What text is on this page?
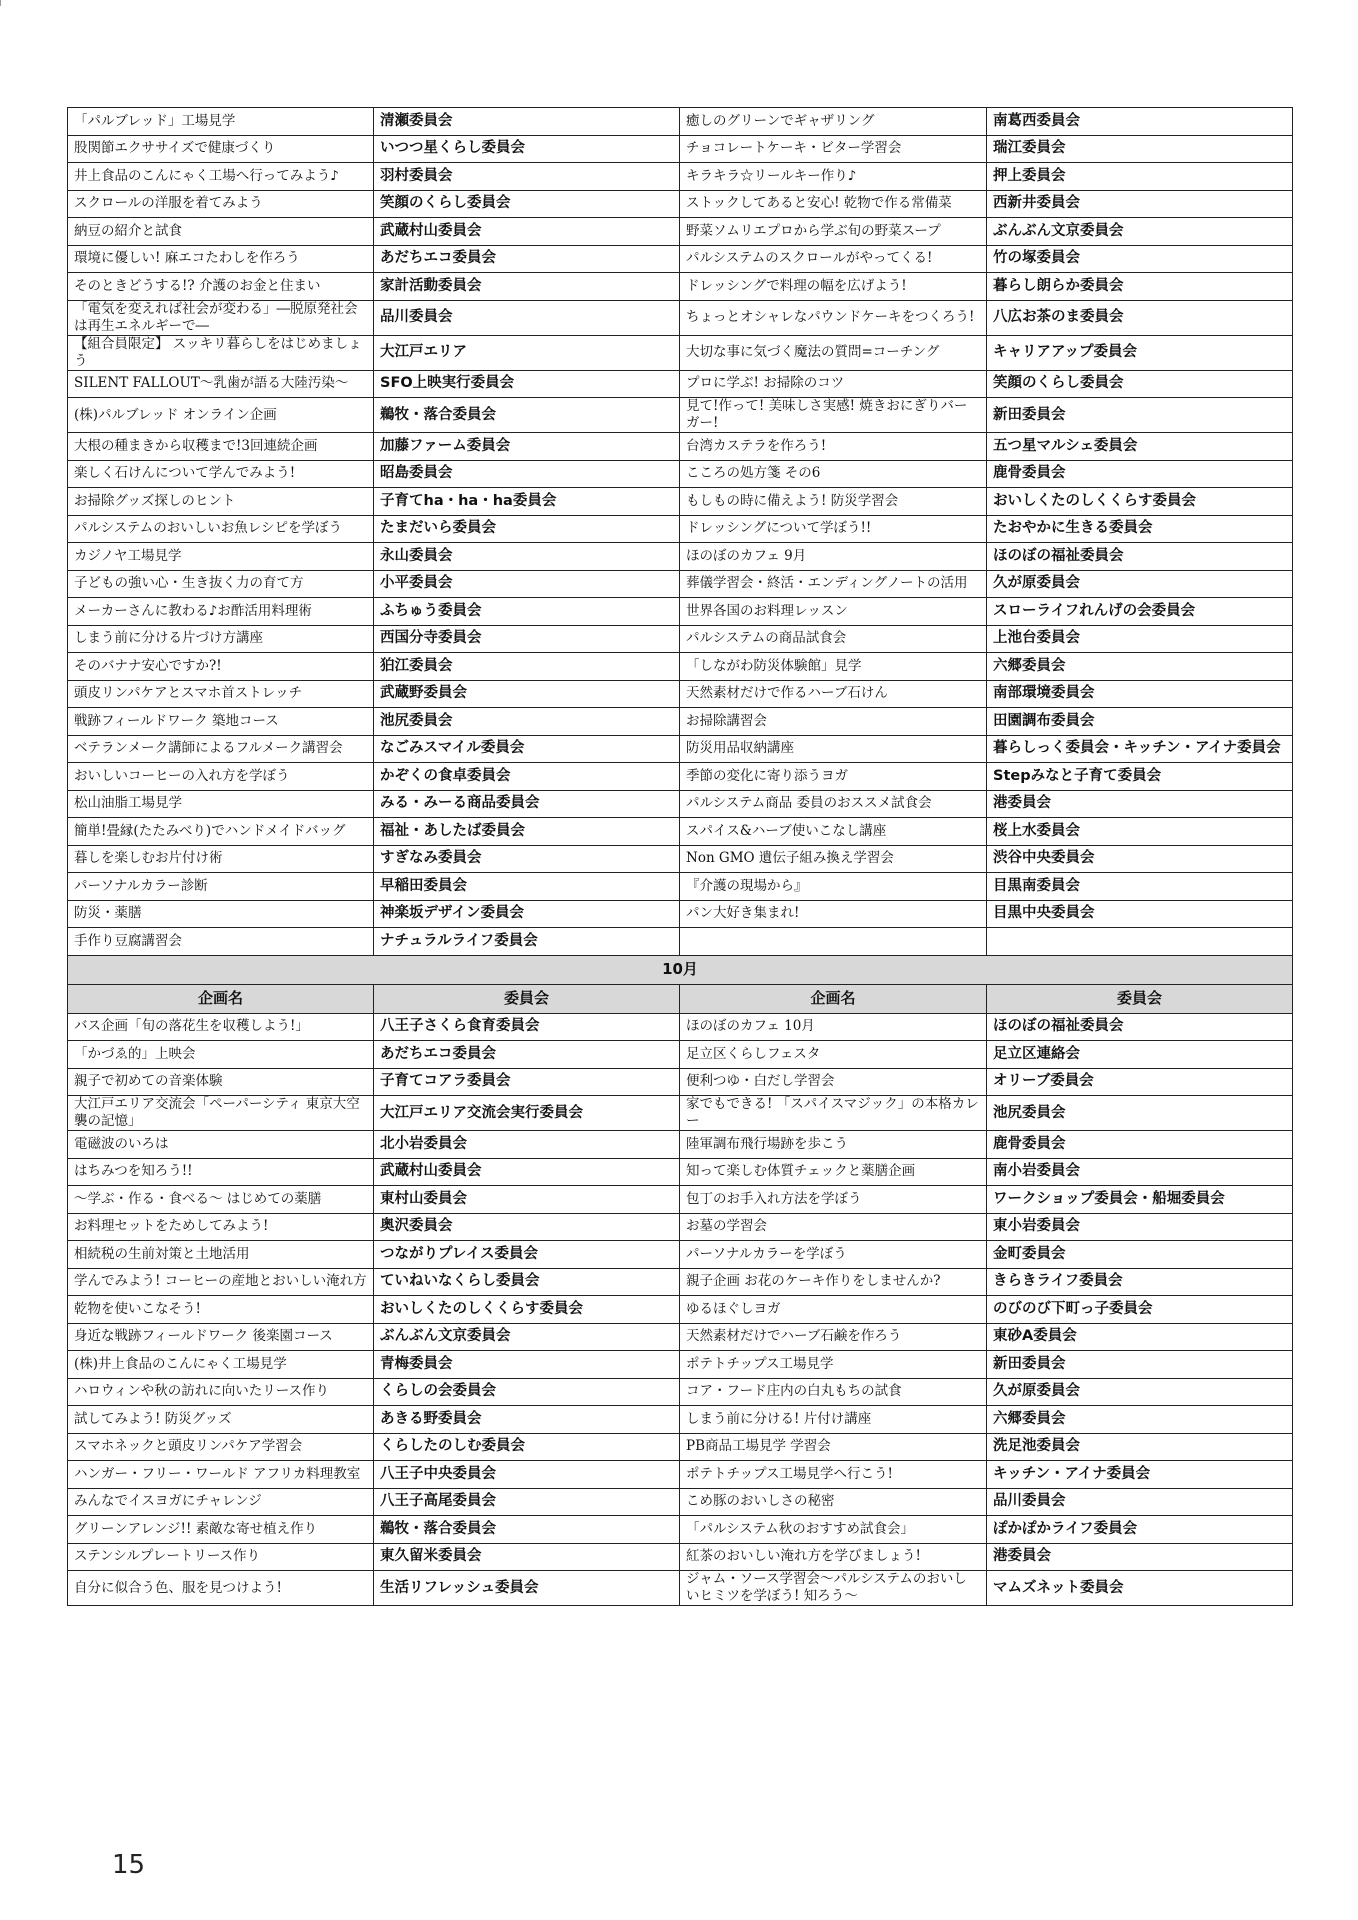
「パルブレッド」工場見学	清瀬委員会	癒しのグリーンでギャザリング	南葛西委員会
股関節エクササイズで健康づくり	いつつ星くらし委員会	チョコレートケーキ・ビター学習会	瑞江委員会
井上食品のこんにゃく工場へ行ってみよう♪	羽村委員会	キラキラ☆リールキー作り♪	押上委員会
スクロールの洋服を着てみよう	笑顔のくらし委員会	ストックしてあると安心! 乾物で作る常備菜	西新井委員会
納豆の紹介と試食	武蔵村山委員会	野菜ソムリエプロから学ぶ旬の野菜スープ	ぶんぶん文京委員会
環境に優しい! 麻エコたわしを作ろう	あだちエコ委員会	パルシステムのスクロールがやってくる!	竹の塚委員会
そのときどうする!? 介護のお金と住まい	家計活動委員会	ドレッシングで料理の幅を広げよう!	暮らし朗らか委員会
「電気を変えれば社会が変わる」―脱原発社会は再生エネルギーで―	品川委員会	ちょっとオシャレなパウンドケーキをつくろう!	八広お茶のま委員会
【組合員限定】 スッキリ暮らしをはじめましょう	大江戸エリア	大切な事に気づく魔法の質問=コーチング	キャリアアップ委員会
SILENT FALLOUT～乳歯が語る大陸汚染～	SFO上映実行委員会	プロに学ぶ! お掃除のコツ	笑顔のくらし委員会
(株)パルブレッド オンライン企画	鵜牧・落合委員会	見て!作って! 美味しさ実感! 焼きおにぎりバーガー!	新田委員会
大根の種まきから収穫まで!3回連続企画	加藤ファーム委員会	台湾カステラを作ろう!	五つ星マルシェ委員会
楽しく石けんについて学んでみよう!	昭島委員会	こころの処方箋 その6	鹿骨委員会
お掃除グッズ探しのヒント	子育てha・ha・ha委員会	もしもの時に備えよう! 防災学習会	おいしくたのしくくらす委員会
パルシステムのおいしいお魚レシピを学ぼう	たまだいら委員会	ドレッシングについて学ぼう!!	たおやかに生きる委員会
カジノヤ工場見学	永山委員会	ほのぼのカフェ 9月	ほのぼの福祉委員会
子どもの強い心・生き抜く力の育て方	小平委員会	葬儀学習会・終活・エンディングノートの活用	久が原委員会
メーカーさんに教わる♪お酢活用料理術	ふちゅう委員会	世界各国のお料理レッスン	スローライフれんげの会委員会
しまう前に分ける片づけ方講座	西国分寺委員会	パルシステムの商品試食会	上池台委員会
そのバナナ安心ですか?!	狛江委員会	「しながわ防災体験館」見学	六郷委員会
頭皮リンパケアとスマホ首ストレッチ	武蔵野委員会	天然素材だけで作るハーブ石けん	南部環境委員会
戦跡フィールドワーク 築地コース	池尻委員会	お掃除講習会	田園調布委員会
ベテランメーク講師によるフルメーク講習会	なごみスマイル委員会	防災用品収納講座	暮らしっく委員会・キッチン・アイナ委員会
おいしいコーヒーの入れ方を学ぼう	かぞくの食卓委員会	季節の変化に寄り添うヨガ	Stepみなと子育て委員会
松山油脂工場見学	みる・みーる商品委員会	パルシステム商品 委員のおススメ試食会	港委員会
簡単!畳縁(たたみべり)でハンドメイドバッグ	福祉・あしたば委員会	スパイス&ハーブ使いこなし講座	桜上水委員会
暮しを楽しむお片付け術	すぎなみ委員会	Non GMO 遺伝子組み換え学習会	渋谷中央委員会
パーソナルカラー診断	早稲田委員会	『介護の現場から』	目黒南委員会
防災・薬膳	神楽坂デザイン委員会	パン大好き集まれ!	目黒中央委員会
手作り豆腐講習会	ナチュラルライフ委員会		
10月			
企画名	委員会	企画名	委員会
バス企画「旬の落花生を収穫しよう!」	八王子さくら食育委員会	ほのぼのカフェ 10月	ほのぼの福祉委員会
「かづゑ的」上映会	あだちエコ委員会	足立区くらしフェスタ	足立区連絡会
親子で初めての音楽体験	子育てコアラ委員会	便利つゆ・白だし学習会	オリーブ委員会
大江戸エリア交流会「ペーパーシティ 東京大空襲の記憶」	大江戸エリア交流会実行委員会	家でもできる! 「スパイスマジック」の本格カレー	池尻委員会
電磁波のいろは	北小岩委員会	陸軍調布飛行場跡を歩こう	鹿骨委員会
はちみつを知ろう!!	武蔵村山委員会	知って楽しむ体質チェックと薬膳企画	南小岩委員会
～学ぶ・作る・食べる～ はじめての薬膳	東村山委員会	包丁のお手入れ方法を学ぼう	ワークショップ委員会・船堀委員会
お料理セットをためしてみよう!	奥沢委員会	お墓の学習会	東小岩委員会
相続税の生前対策と土地活用	つながりプレイス委員会	パーソナルカラーを学ぼう	金町委員会
学んでみよう! コーヒーの産地とおいしい淹れ方	ていねいなくらし委員会	親子企画 お花のケーキ作りをしませんか?	きらきライフ委員会
乾物を使いこなそう!	おいしくたのしくくらす委員会	ゆるほぐしヨガ	のびのび下町っ子委員会
身近な戦跡フィールドワーク 後楽園コース	ぶんぶん文京委員会	天然素材だけでハーブ石鹸を作ろう	東砂A委員会
(株)井上食品のこんにゃく工場見学	青梅委員会	ポテトチップス工場見学	新田委員会
ハロウィンや秋の訪れに向いたリース作り	くらしの会委員会	コア・フード庄内の白丸もちの試食	久が原委員会
試してみよう! 防災グッズ	あきる野委員会	しまう前に分ける! 片付け講座	六郷委員会
スマホネックと頭皮リンパケア学習会	くらしたのしむ委員会	PB商品工場見学 学習会	洗足池委員会
ハンガー・フリー・ワールド アフリカ料理教室	八王子中央委員会	ポテトチップス工場見学へ行こう!	キッチン・アイナ委員会
みんなでイスヨガにチャレンジ	八王子高尾委員会	こめ豚のおいしさの秘密	品川委員会
グリーンアレンジ!! 素敵な寄せ植え作り	鵜牧・落合委員会	「パルシステム秋のおすすめ試食会」	ぽかぽかライフ委員会
ステンシルプレートリース作り	東久留米委員会	紅茶のおいしい淹れ方を学びましょう!	港委員会
自分に似合う色、服を見つけよう!	生活リフレッシュ委員会	ジャム・ソース学習会～パルシステムのおいしいヒミツを学ぼう! 知ろう～	マムズネット委員会
15
